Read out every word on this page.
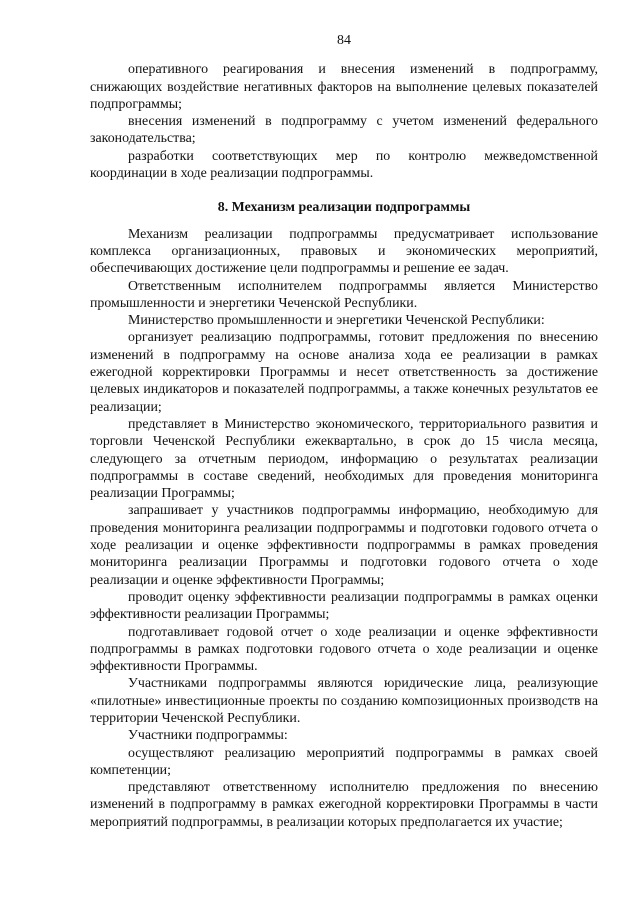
84

оперативного реагирования и внесения изменений в подпрограмму, снижающих воздействие негативных факторов на выполнение целевых показателей подпрограммы;

внесения изменений в подпрограмму с учетом изменений федерального законодательства;

разработки соответствующих мер по контролю межведомственной координации в ходе реализации подпрограммы.

8. Механизм реализации подпрограммы

Механизм реализации подпрограммы предусматривает использование комплекса организационных, правовых и экономических мероприятий, обеспечивающих достижение цели подпрограммы и решение ее задач.

Ответственным исполнителем подпрограммы является Министерство промышленности и энергетики Чеченской Республики.

Министерство промышленности и энергетики Чеченской Республики:

организует реализацию подпрограммы, готовит предложения по внесению изменений в подпрограмму на основе анализа хода ее реализации в рамках ежегодной корректировки Программы и несет ответственность за достижение целевых индикаторов и показателей подпрограммы, а также конечных результатов ее реализации;

представляет в Министерство экономического, территориального развития и торговли Чеченской Республики ежеквартально, в срок до 15 числа месяца, следующего за отчетным периодом, информацию о результатах реализации подпрограммы в составе сведений, необходимых для проведения мониторинга реализации Программы;

запрашивает у участников подпрограммы информацию, необходимую для проведения мониторинга реализации подпрограммы и подготовки годового отчета о ходе реализации и оценке эффективности подпрограммы в рамках проведения мониторинга реализации Программы и подготовки годового отчета о ходе реализации и оценке эффективности Программы;

проводит оценку эффективности реализации подпрограммы в рамках оценки эффективности реализации Программы;

подготавливает годовой отчет о ходе реализации и оценке эффективности подпрограммы в рамках подготовки годового отчета о ходе реализации и оценке эффективности Программы.

Участниками подпрограммы являются юридические лица, реализующие «пилотные» инвестиционные проекты по созданию композиционных производств на территории Чеченской Республики.

Участники подпрограммы:

осуществляют реализацию мероприятий подпрограммы в рамках своей компетенции;

представляют ответственному исполнителю предложения по внесению изменений в подпрограмму в рамках ежегодной корректировки Программы в части мероприятий подпрограммы, в реализации которых предполагается их участие;
